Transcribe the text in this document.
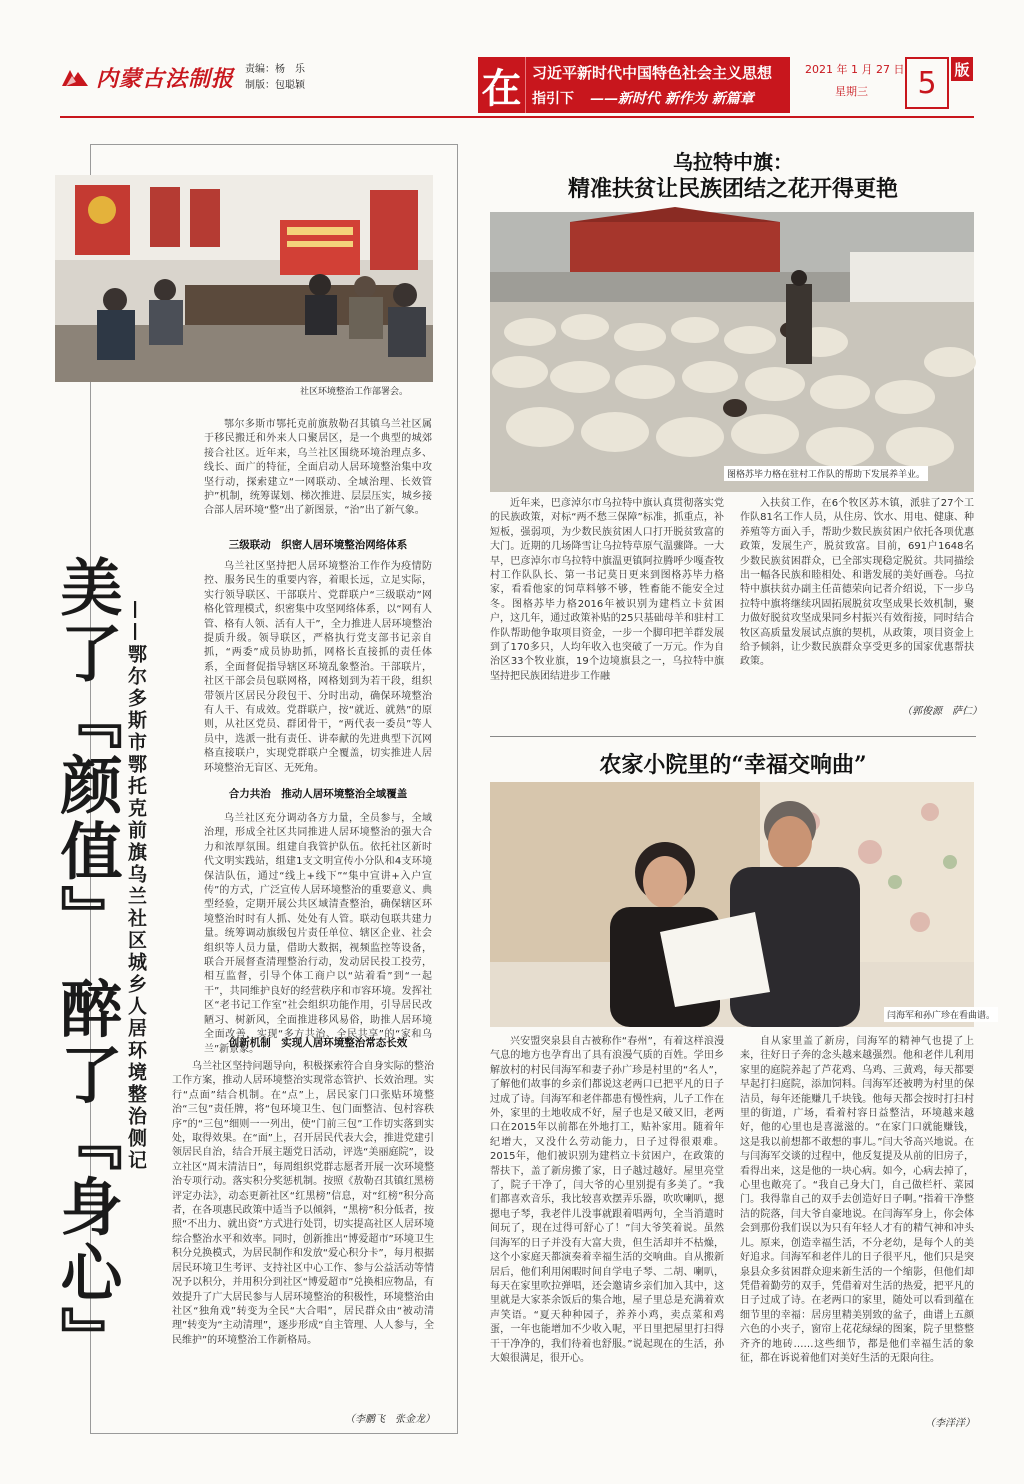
内蒙古法制报 责编：杨　乐
制版：包聪颖	在 习近平新时代中国特色社会主义思想
指引下 ——新时代 新作为 新篇章
2021 年 1 月 27 日
星期三	5	版
社区环境整治工作部署会。
美了『颜值』 醉了『身心』 ——鄂尔多斯市鄂托克前旗乌兰社区城乡人居环境整治侧记

鄂尔多斯市鄂托克前旗敖勒召其镇乌兰社区属于移民搬迁和外来人口聚居区，是一个典型的城郊接合社区。近年来，乌兰社区围绕环境治理点多、线长、面广的特征，全面启动人居环境整治集中攻坚行动，探索建立“一网联动、全域治理、长效管护”机制，统筹谋划、梯次推进、层层压实，城乡接合部人居环境“整”出了新图景，“治”出了新气象。

三级联动　织密人居环境整治网络体系

乌兰社区坚持把人居环境整治工作作为疫情防控、服务民生的重要内容，着眼长远，立足实际，实行领导联区、干部联片、党群联户“三级联动”网格化管理模式，织密集中攻坚网络体系，以“网有人管、格有人领、活有人干”，全力推进人居环境整治提质升级。领导联区，严格执行党支部书记亲自抓，“两委”成员协助抓，网格长直接抓的责任体系，全面督促指导辖区环境乱象整治。干部联片，社区干部会员包联网格，网格划到为若干段，组织带领片区居民分段包干、分时出动，确保环境整治有人干、有成效。党群联户，按“就近、就熟”的原则，从社区党员、群团骨干，“两代表一委员”等人员中，选派一批有责任、讲奉献的先进典型下沉网格直接联户，实现党群联户全覆盖，切实推进人居环境整治无盲区、无死角。

合力共治　推动人居环境整治全域覆盖

乌兰社区充分调动各方力量，全员参与，全域治理，形成全社区共同推进人居环境整治的强大合力和浓厚氛围。组建自我管护队伍。依托社区新时代文明实践站，组建1支文明宣传小分队和4支环境保洁队伍，通过“线上+线下”“集中宣讲+入户宣传”的方式，广泛宣传人居环境整治的重要意义、典型经验，定期开展公共区域清查整治，确保辖区环境整治时时有人抓、处处有人管。联动包联共建力量。统筹调动旗级包片责任单位、辖区企业、社会组织等人员力量，借助大数据，视频监控等设备，联合开展督查清理整治行动，发动居民投工投劳，相互监督，引导个体工商户以“站着看”到“一起干”，共同维护良好的经营秩序和市容环境。发挥社区“老书记工作室”社会组织功能作用，引导居民改陋习、树新风，全面推进移风易俗，助推人居环境全面改善，实现“多方共治、全民共享”的“家和乌兰”新景象。

创新机制　实现人居环境整治常态长效

乌兰社区坚持问题导向，积极探索符合自身实际的整治工作方案，推动人居环境整治实现常态管护、长效治理。实行“点面”结合机制。在“点”上，居民家门口张贴环境整治“三包”责任牌，将“包环境卫生、包门面整洁、包村容秩序”的“三包”细则一一列出，使“门前三包”工作切实落到实处，取得效果。在“面”上，召开居民代表大会，推进党建引领居民自治，结合开展主题党日活动，评选“美丽庭院”，设立社区“周末清洁日”，每周组织党群志愿者开展一次环境整治专项行动。落实积分奖惩机制。按照《敖勒召其镇红黑榜评定办法》，动态更新社区“红黑榜”信息，对“红榜”积分高者，在各项惠民政策中适当予以倾斜，“黑榜”积分低者，按照“不出力、就出资”方式进行处罚，切实提高社区人居环境综合整治水平和效率。同时，创新推出“博爱超市”环境卫生积分兑换模式，为居民制作和发放“爱心积分卡”，每月根据居民环境卫生考评、支持社区中心工作、参与公益活动等情况予以积分，并用积分到社区“博爱超市”兑换相应物品，有效提升了广大居民参与人居环境整治的积极性，环境整治由社区“独角戏”转变为全民“大合唱”，居民群众由“被动清理”转变为“主动清理”，逐步形成“自主管理、人人参与，全民维护”的环境整治工作新格局。

（李鹏飞　张金龙）
乌拉特中旗：
精准扶贫让民族团结之花开得更艳
图格苏毕力格在驻村工作队的帮助下发展养羊业。

近年来，巴彦淖尔市乌拉特中旗认真贯彻落实党的民族政策，对标“两不愁三保障”标准，抓重点，补短板，强弱项，为少数民族贫困人口打开脱贫致富的大门。近期的几场降雪让乌拉特草原气温骤降。一大早，巴彦淖尔市乌拉特中旗温更镇阿拉腾呼少嘎查牧村工作队队长、第一书记莫日更来到图格苏毕力格家，看看他家的饲草料够不够，牲畜能不能安全过冬。图格苏毕力格2016年被识别为建档立卡贫困户，这几年，通过政策补贴的25只基础母羊和驻村工作队帮助他争取项目资金，一步一个脚印把羊群发展到了170多只，人均年收入也突破了一万元。作为自治区33个牧业旗，19个边境旗县之一，乌拉特中旗坚持把民族团结进步工作融

入扶贫工作，在6个牧区苏木镇，派驻了27个工作队81名工作人员，从住房、饮水、用电、健康、种养殖等方面入手，帮助少数民族贫困户依托各项优惠政策，发展生产，脱贫致富。目前，691户1648名少数民族贫困群众，已全部实现稳定脱贫。共同描绘出一幅各民族和睦相处、和谐发展的美好画卷。乌拉特中旗扶贫办副主任苗德荣向记者介绍说，下一步乌拉特中旗将继续巩固拓展脱贫攻坚成果长效机制，聚力做好脱贫攻坚成果同乡村振兴有效衔接，同时结合牧区高质量发展试点旗的契机，从政策，项目资金上给予倾斜，让少数民族群众享受更多的国家优惠帮扶政策。

（郭俊源　萨仁）
农家小院里的“幸福交响曲”
闫海军和孙广珍在看曲谱。

兴安盟突泉县自古被称作“春州”，有着这样浪漫气息的地方也孕育出了具有浪漫气质的百姓。学田乡解放村的村民闫海军和妻子孙广珍是村里的“名人”，了解他们故事的乡亲们都说这老两口已把平凡的日子过成了诗。闫海军和老伴都患有慢性病，儿子工作在外，家里的土地收成不好，屋子也是又破又旧，老两口在2015年以前都在外地打工，贴补家用。随着年纪增大，又没什么劳动能力，日子过得很艰难。2015年，他们被识别为建档立卡贫困户，在政策的帮扶下，盖了新房搬了家，日子越过越好。屋里亮堂了，院子干净了，闫大爷的心里别提有多美了。“我们都喜欢音乐，我比较喜欢摆弄乐器，吹吹喇叭，摁摁电子琴，我老伴儿没事就跟着唱两句，全当消遣时间玩了，现在过得可舒心了！”闫大爷笑着说。虽然闫海军的日子并没有大富大贵，但生活却并不枯燥，这个小家庭天都演奏着幸福生活的交响曲。自从搬新居后，他们利用闲暇时间自学电子琴、二胡、喇叭，每天在家里吹拉弹唱，还会邀请乡亲们加入其中，这里就是大家茶余饭后的集合地，屋子里总是充满着欢声笑语。“夏天种种园子，养养小鸡，卖点菜和鸡蛋，一年也能增加不少收入呢，平日里把屋里打扫得干干净净的，我们待着也舒服。”说起现在的生活，孙大娘很满足，很开心。

自从家里盖了新房，闫海军的精神气也提了上来，往好日子奔的念头越来越强烈。他和老伴儿利用家里的庭院养起了芦花鸡、乌鸡、三黄鸡，每天都要早起打扫庭院，添加饲料。闫海军还被聘为村里的保洁员，每年还能赚几千块钱。他每天都会按时打扫村里的街道，广场，看着村容日益整洁，环境越来越好，他的心里也是喜滋滋的。“在家门口就能赚钱，这是我以前想都不敢想的事儿。”闫大爷高兴地说。在与闫海军交谈的过程中，他反复提及从前的旧房子，看得出来，这是他的一块心病。如今，心病去掉了，心里也敞亮了。“我自己身大门，自己做栏杆、菜园门。我得靠自己的双手去创造好日子啊。”指着干净整洁的院落，闫大爷自豪地说。在闫海军身上，你会体会到那份我们误以为只有年轻人才有的精气神和冲头儿。原来，创造幸福生活，不分老幼，是每个人的美好追求。闫海军和老伴儿的日子很平凡，他们只是突泉县众多贫困群众迎来新生活的一个缩影，但他们却凭借着勤劳的双手，凭借着对生活的热爱，把平凡的日子过成了诗。在老两口的家里，随处可以看到蕴在细节里的幸福：居房里精美别致的盆子，曲谱上五颜六色的小夹子，窗帘上花花绿绿的图案，院子里整整齐齐的地砖……这些细节，都是他们幸福生活的象征，都在诉说着他们对美好生活的无限向往。

（李洋洋）
